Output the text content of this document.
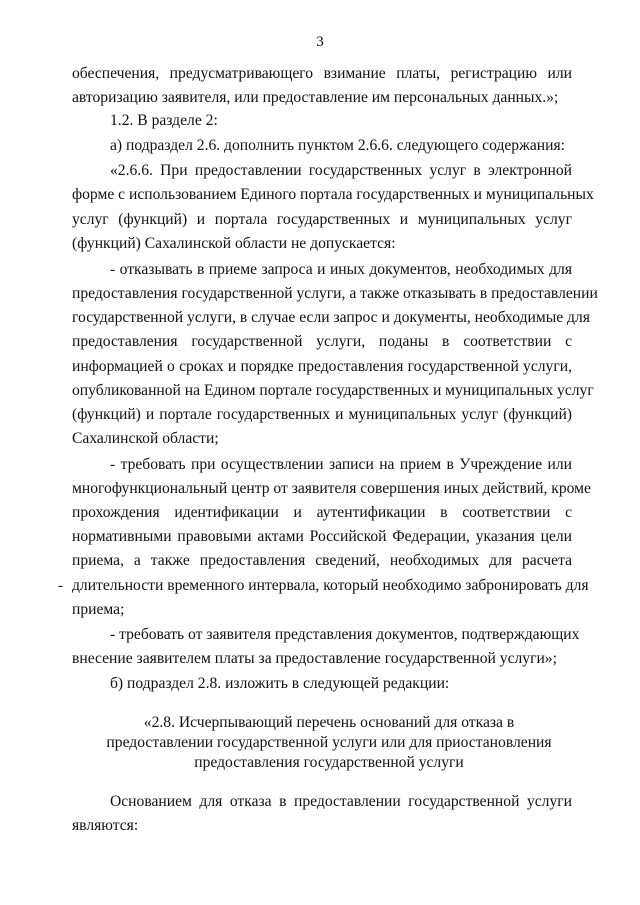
3
обеспечения, предусматривающего взимание платы, регистрацию или
авторизацию заявителя, или предоставление им персональных данных.»;
1.2. В разделе 2:
а) подраздел 2.6. дополнить пунктом 2.6.6. следующего содержания:
«2.6.6. При предоставлении государственных услуг в электронной
форме с использованием Единого портала государственных и муниципальных
услуг (функций) и портала государственных и муниципальных услуг
(функций) Сахалинской области не допускается:
- отказывать в приеме запроса и иных документов, необходимых для
предоставления государственной услуги, а также отказывать в предоставлении
государственной услуги, в случае если запрос и документы, необходимые для
предоставления государственной услуги, поданы в соответствии с
информацией о сроках и порядке предоставления государственной услуги,
опубликованной на Едином портале государственных и муниципальных услуг
(функций) и портале государственных и муниципальных услуг (функций)
Сахалинской области;
- требовать при осуществлении записи на прием в Учреждение или
многофункциональный центр от заявителя совершения иных действий, кроме
прохождения идентификации и аутентификации в соответствии с
нормативными правовыми актами Российской Федерации, указания цели
приема, а также предоставления сведений, необходимых для расчета
- длительности временного интервала, который необходимо забронировать для
приема;
- требовать от заявителя представления документов, подтверждающих
внесение заявителем платы за предоставление государственной услуги»;
б) подраздел 2.8. изложить в следующей редакции:
«2.8. Исчерпывающий перечень оснований для отказа в
предоставлении государственной услуги или для приостановления
предоставления государственной услуги
Основанием для отказа в предоставлении государственной услуги
являются:
